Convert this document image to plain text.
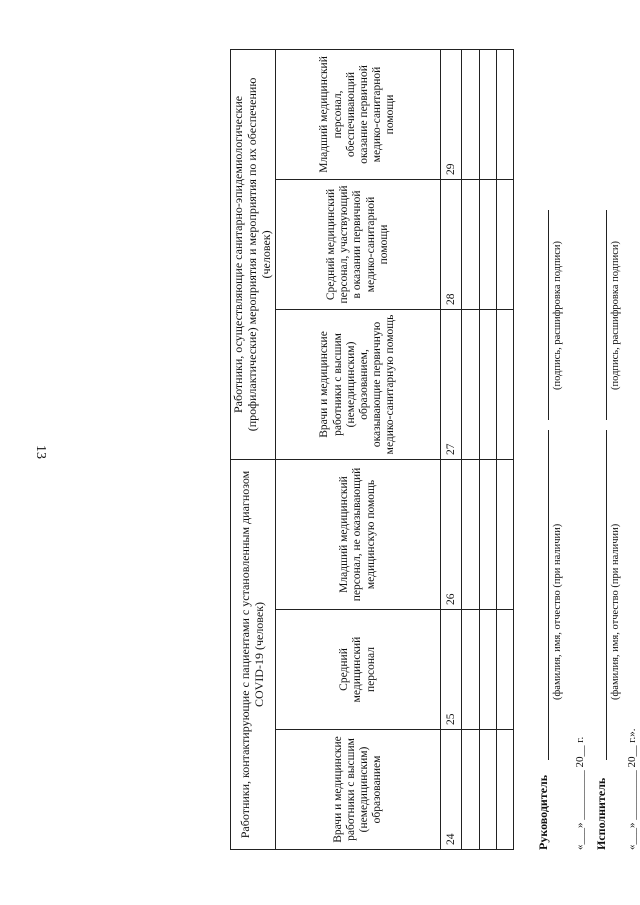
13
Работники, контактирующие с пациентами с установленным диагнозом COVID-19 (человек)			Работники, осуществляющие санитарно-эпидемиологические (профилактические) мероприятия и мероприятия по их обеспечению (человек)		
Врачи и медицинские работники с высшим (немедицинским) образованием	Средний медицинский персонал	Младший медицинский персонал, не оказывающий медицинскую помощь	Врачи и медицинские работники с высшим (немедицинским) образованием, оказывающие первичную медико-санитарную помощь	Средний медицинский персонал, участвующий в оказании первичной медико-санитарной помощи	Младший медицинский персонал, обеспечивающий оказание первичной медико-санитарной помощи
24	25	26	27	28	29

Руководитель
(фамилия, имя, отчество (при наличии)
(подпись, расшифровка подписи)
«___» _________ 20__ г. Исполнитель
(фамилия, имя, отчество (при наличии)
(подпись, расшифровка подписи)
«___» _________ 20__ г.».
